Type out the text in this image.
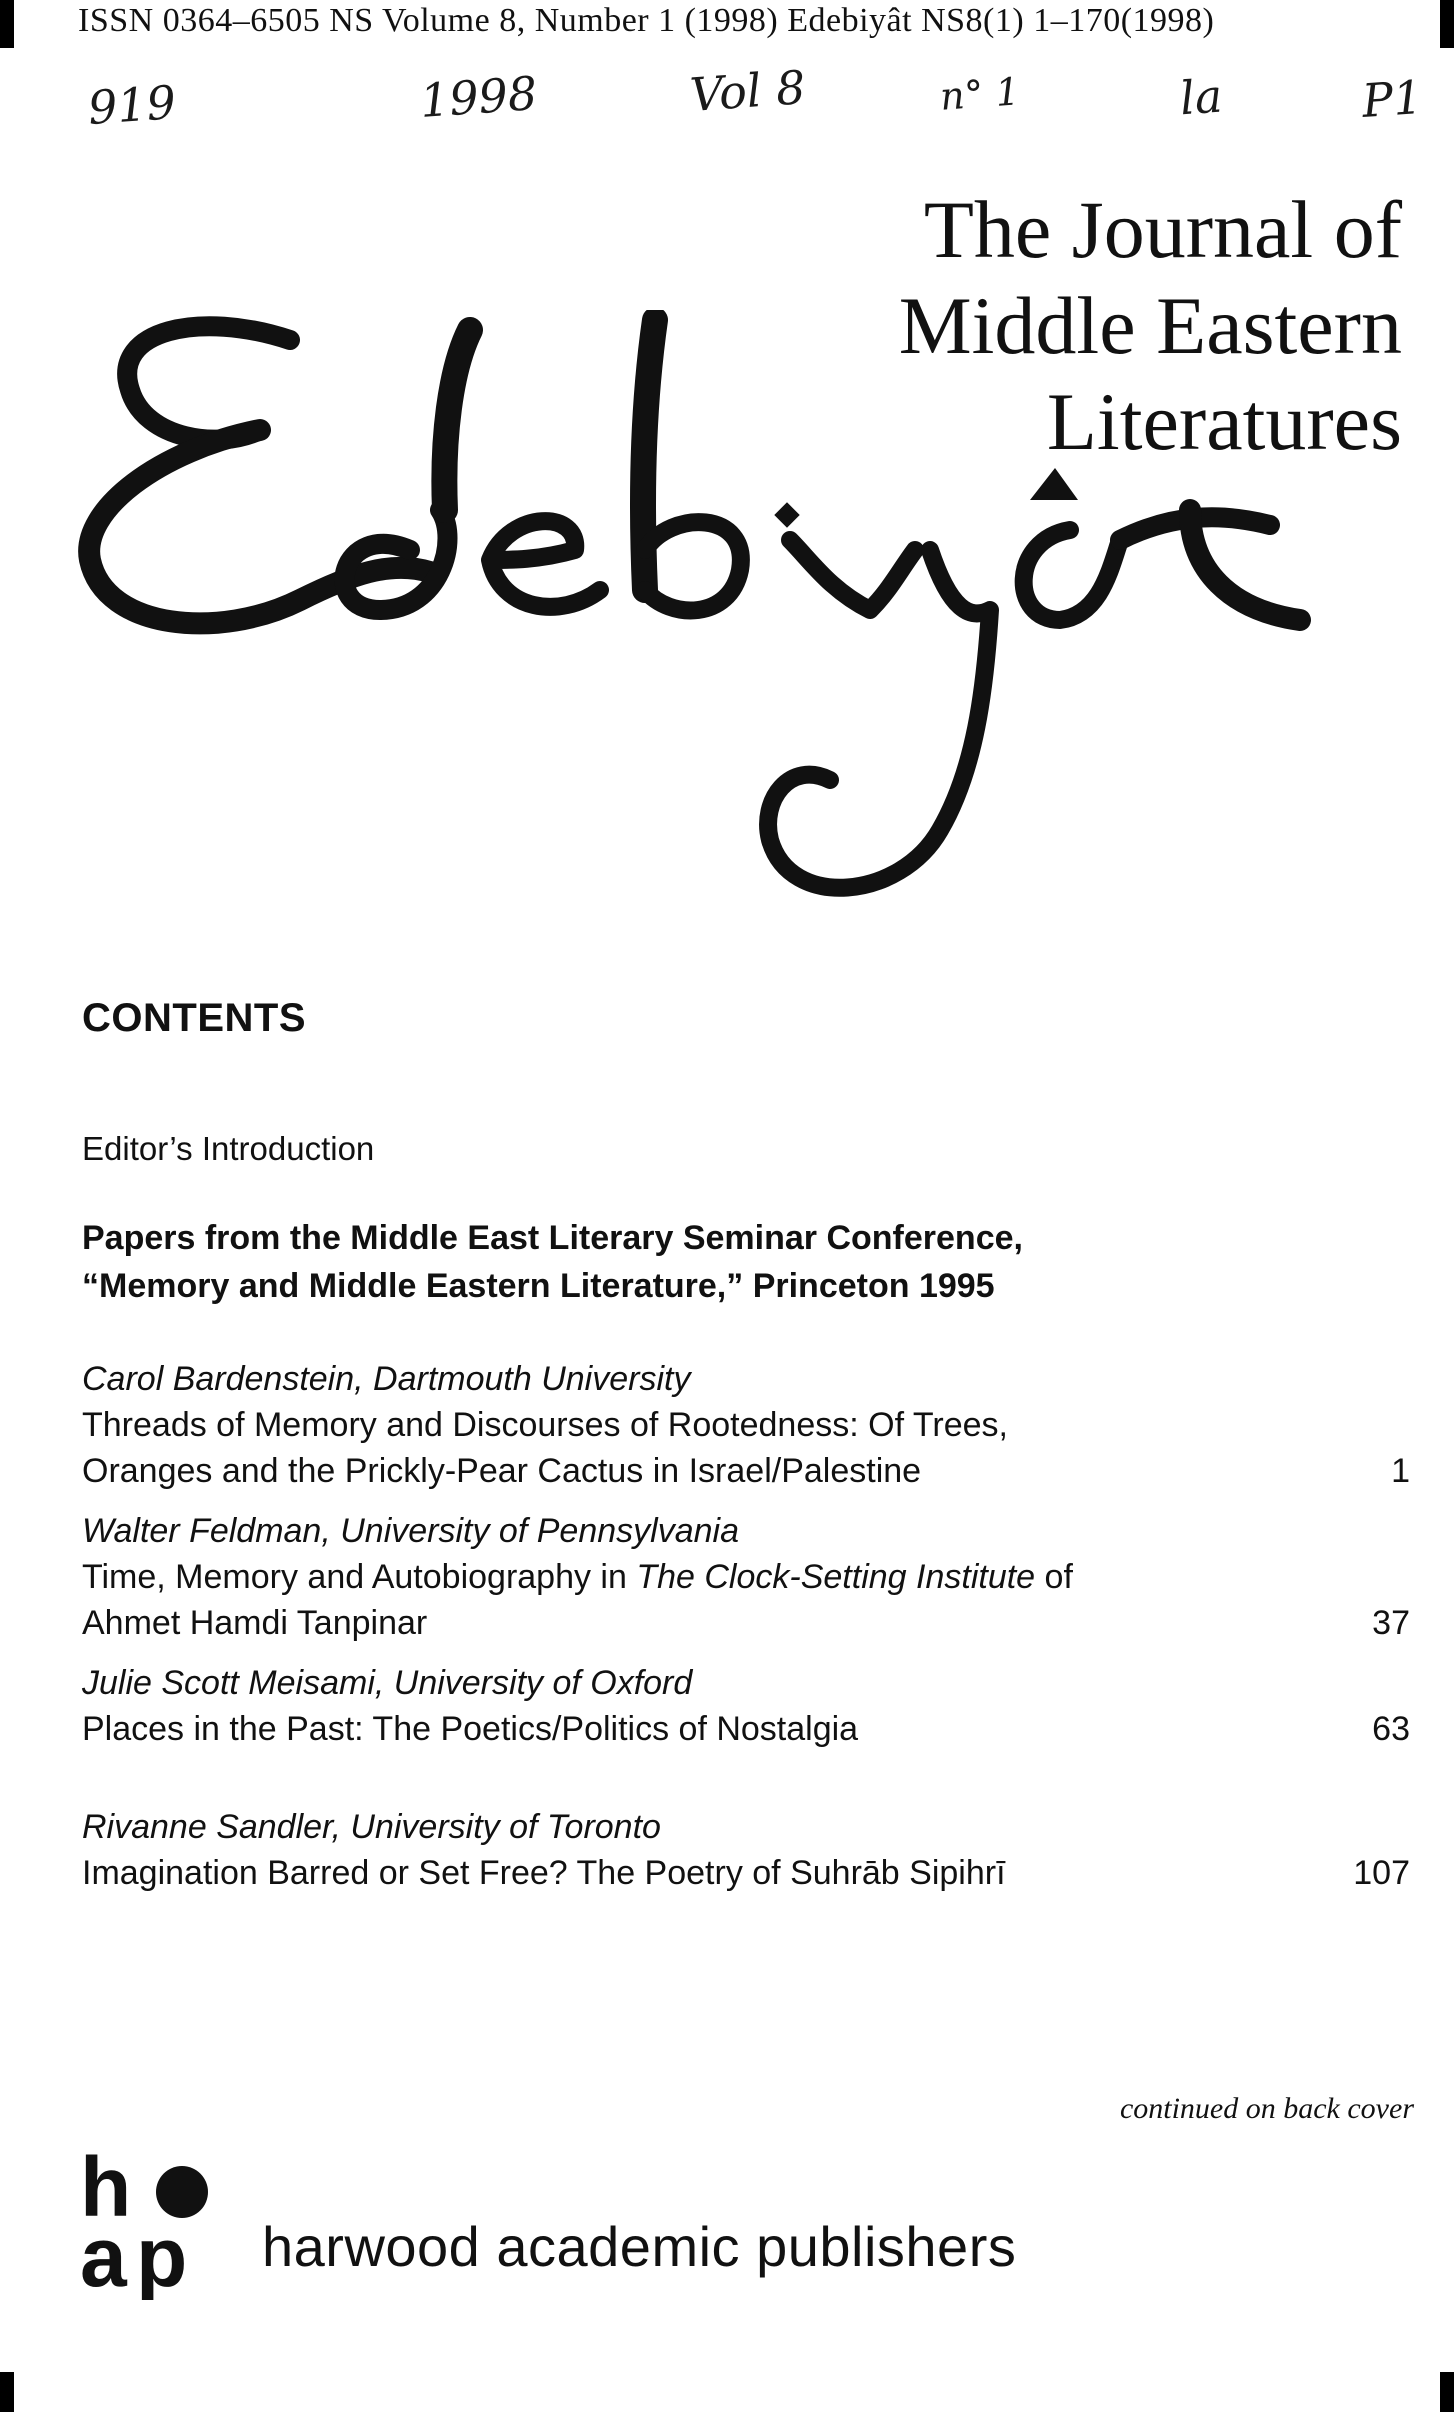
ISSN 0364–6505 NS Volume 8, Number 1 (1998) Edebiyât NS8(1) 1–170(1998)
919	1998	Vol 8	n° 1	la	P1
The Journal of
Middle Eastern
Literatures
CONTENTS
Editor’s Introduction
Papers from the Middle East Literary Seminar Conference,
“Memory and Middle Eastern Literature,” Princeton 1995
Carol Bardenstein, Dartmouth University
Threads of Memory and Discourses of Rootedness: Of Trees,
Oranges and the Prickly-Pear Cactus in Israel/Palestine	1
Walter Feldman, University of Pennsylvania
Time, Memory and Autobiography in The Clock-Setting Institute of
Ahmet Hamdi Tanpinar	37
Julie Scott Meisami, University of Oxford
Places in the Past: The Poetics/Politics of Nostalgia	63
Rivanne Sandler, University of Toronto
Imagination Barred or Set Free? The Poetry of Suhrāb Sipihrī	107
continued on back cover
h
a p harwood academic publishers
